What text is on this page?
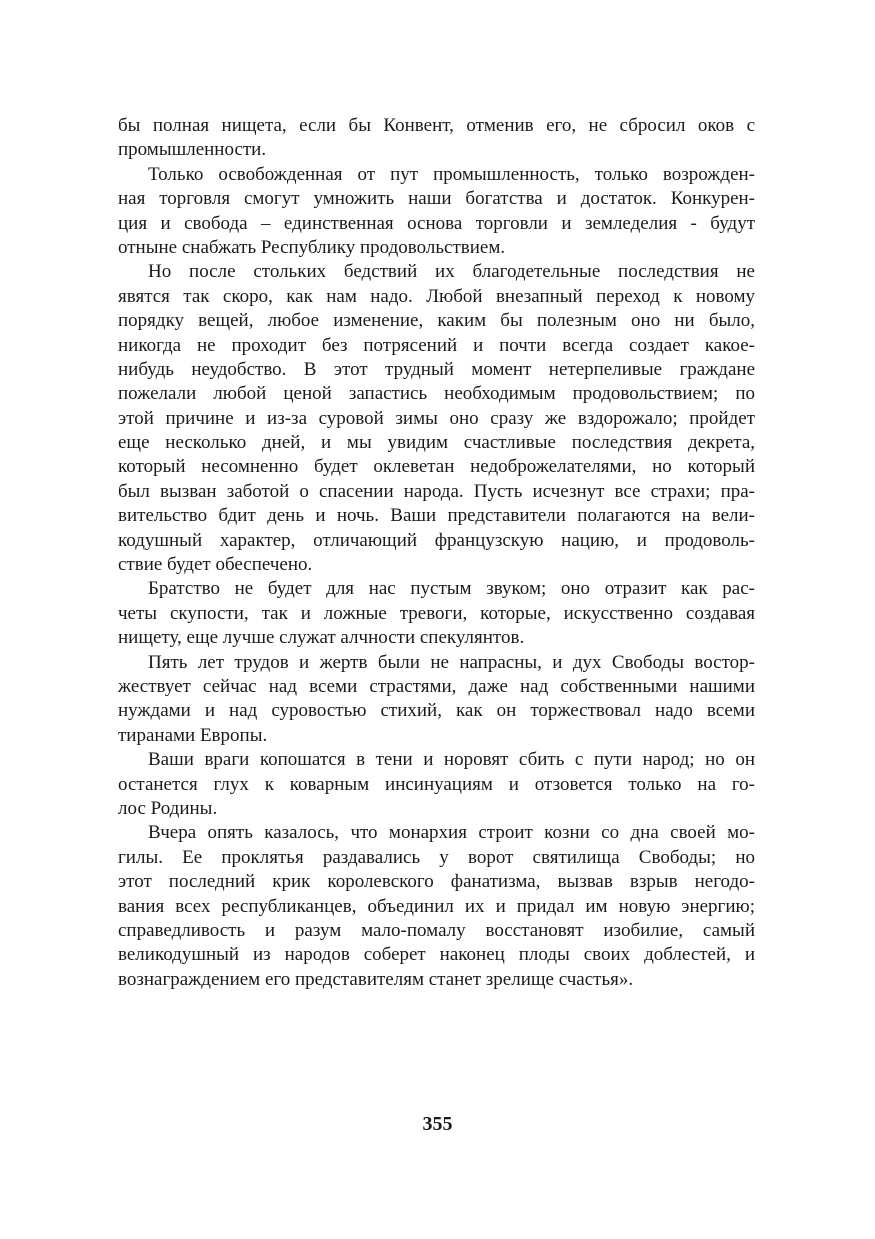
бы полная нищета, если бы Конвент, отменив его, не сбросил оков с
промышленности.
Только освобожденная от пут промышленность, только возрожден-
ная торговля смогут умножить наши богатства и достаток. Конкурен-
ция и свобода – единственная основа торговли и земледелия - будут
отныне снабжать Республику продовольствием.
Но после стольких бедствий их благодетельные последствия не
явятся так скоро, как нам надо. Любой внезапный переход к новому
порядку вещей, любое изменение, каким бы полезным оно ни было,
никогда не проходит без потрясений и почти всегда создает какое-
нибудь неудобство. В этот трудный момент нетерпеливые граждане
пожелали любой ценой запастись необходимым продовольствием; по
этой причине и из-за суровой зимы оно сразу же вздорожало; пройдет
еще несколько дней, и мы увидим счастливые последствия декрета,
который несомненно будет оклеветан недоброжелателями, но который
был вызван заботой о спасении народа. Пусть исчезнут все страхи; пра-
вительство бдит день и ночь. Ваши представители полагаются на вели-
кодушный характер, отличающий французскую нацию, и продоволь-
ствие будет обеспечено.
Братство не будет для нас пустым звуком; оно отразит как рас-
четы скупости, так и ложные тревоги, которые, искусственно создавая
нищету, еще лучше служат алчности спекулянтов.
Пять лет трудов и жертв были не напрасны, и дух Свободы востор-
жествует сейчас над всеми страстями, даже над собственными нашими
нуждами и над суровостью стихий, как он торжествовал надо всеми
тиранами Европы.
Ваши враги копошатся в тени и норовят сбить с пути народ; но он
останется глух к коварным инсинуациям и отзовется только на го-
лос Родины.
Вчера опять казалось, что монархия строит козни со дна своей мо-
гилы. Ее проклятья раздавались у ворот святилища Свободы; но
этот последний крик королевского фанатизма, вызвав взрыв негодо-
вания всех республиканцев, объединил их и придал им новую энергию;
справедливость и разум мало-помалу восстановят изобилие, самый
великодушный из народов соберет наконец плоды своих доблестей, и
вознаграждением его представителям станет зрелище счастья».
355
